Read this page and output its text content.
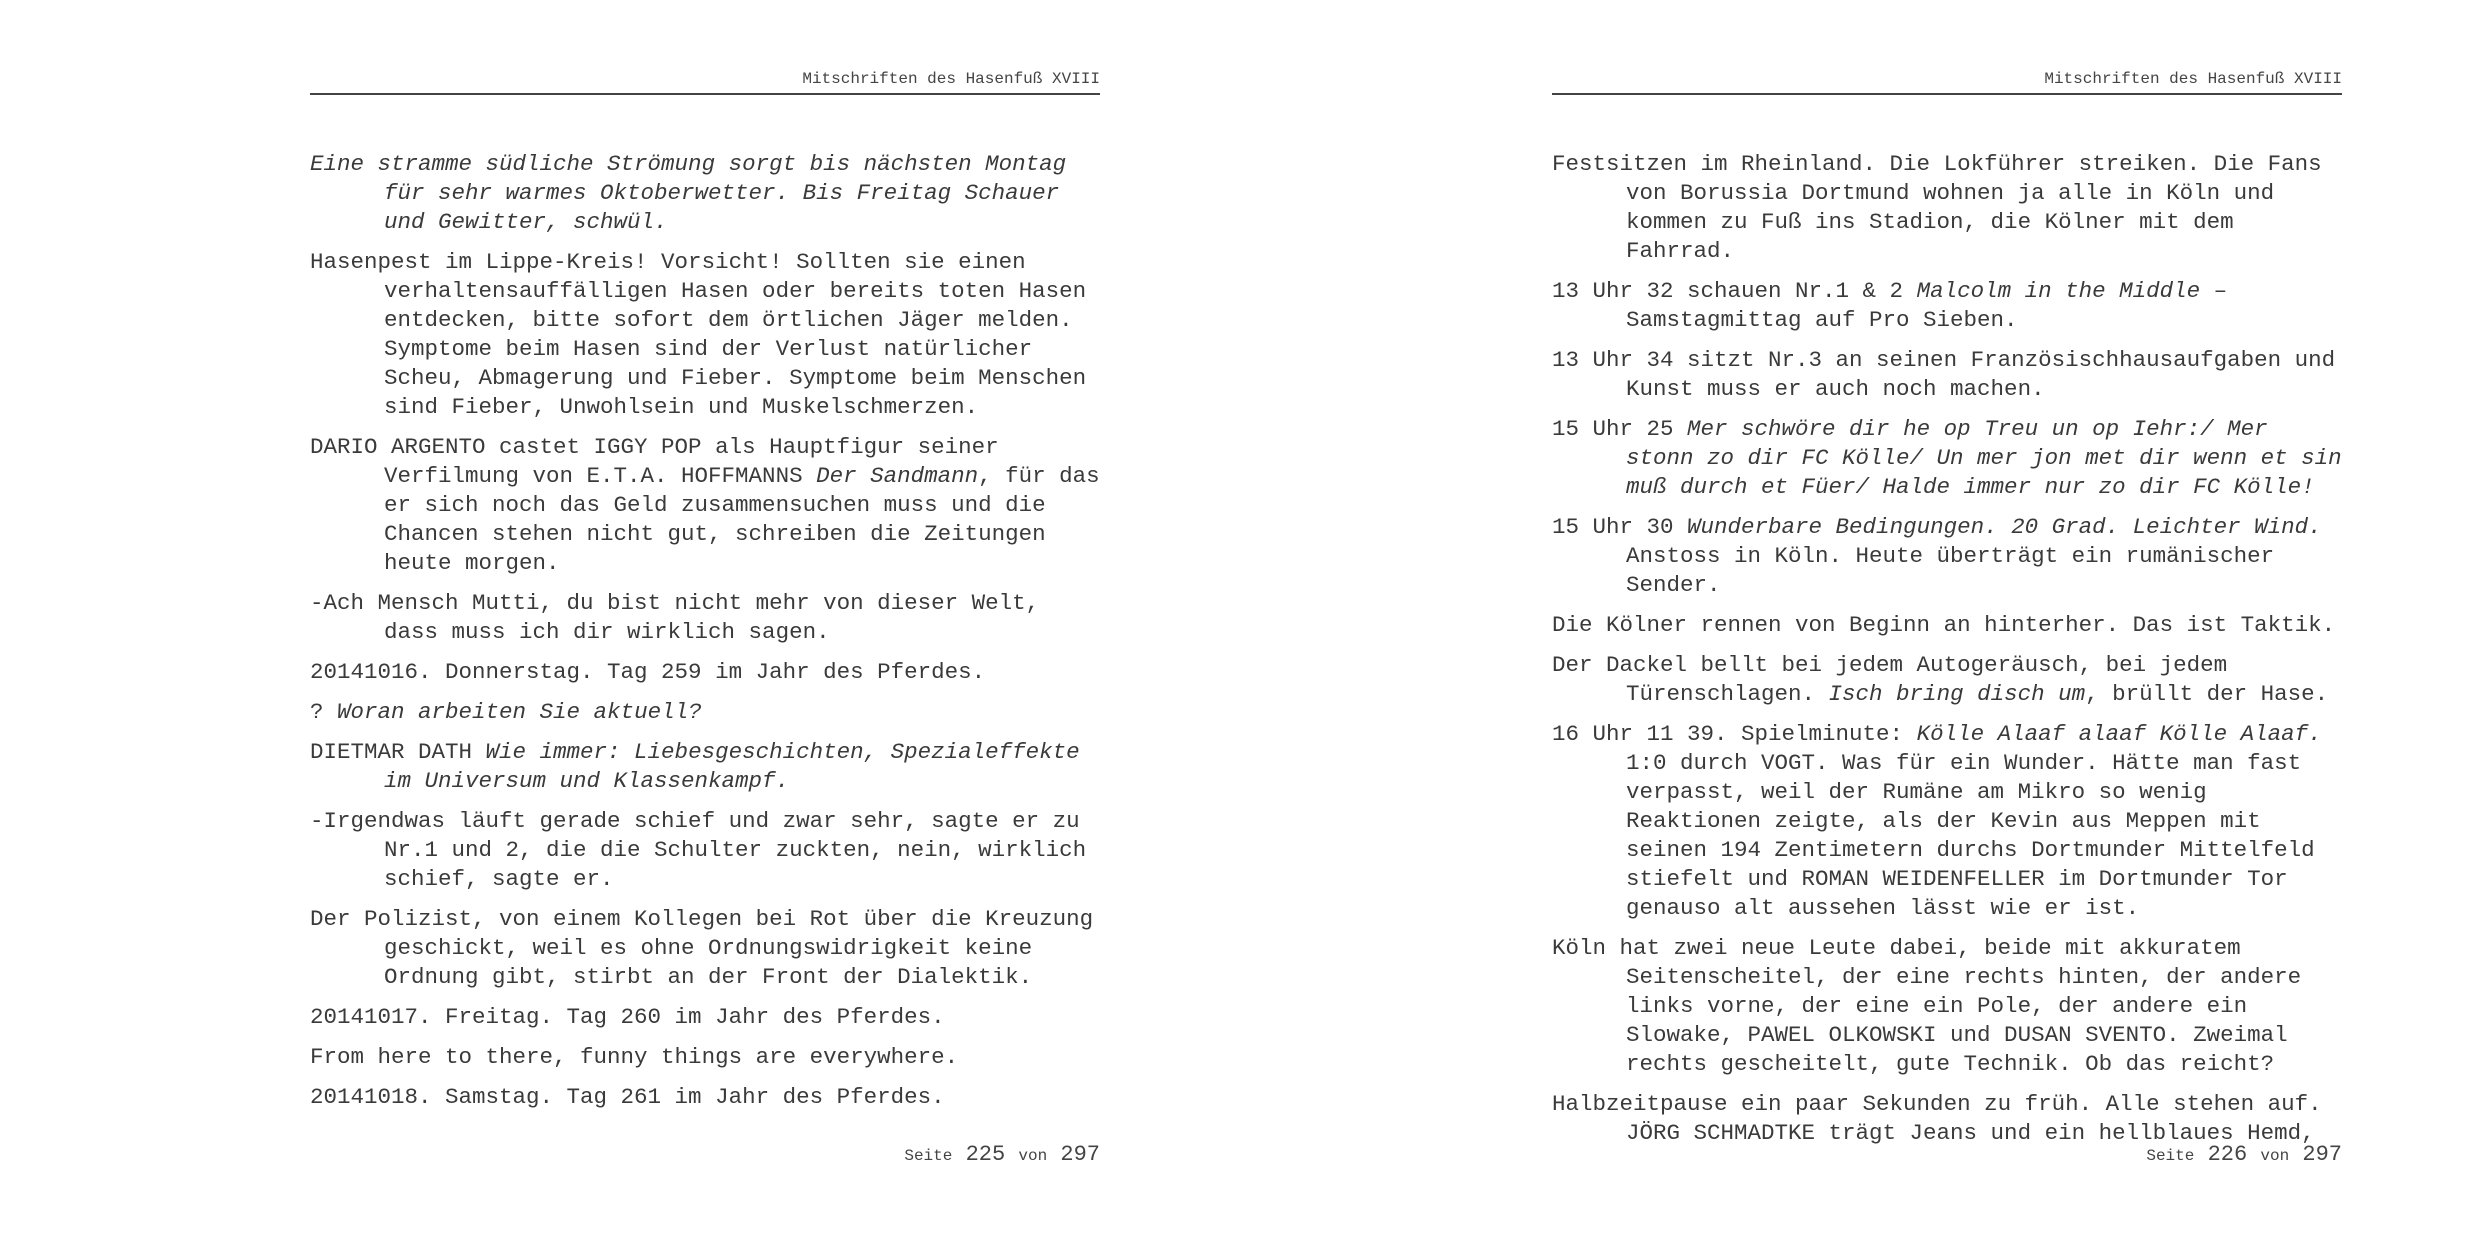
Mitschriften des Hasenfuß XVIII

Eine stramme südliche Strömung sorgt bis nächsten Montag für sehr warmes Oktoberwetter. Bis Freitag Schauer und Gewitter, schwül.

Hasenpest im Lippe-Kreis! Vorsicht! Sollten sie einen verhaltensauffälligen Hasen oder bereits toten Hasen entdecken, bitte sofort dem örtlichen Jäger melden. Symptome beim Hasen sind der Verlust natürlicher Scheu, Abmagerung und Fieber. Symptome beim Menschen sind Fieber, Unwohlsein und Muskelschmerzen.

DARIO ARGENTO castet IGGY POP als Hauptfigur seiner Verfilmung von E.T.A. HOFFMANNS Der Sandmann, für das er sich noch das Geld zusammensuchen muss und die Chancen stehen nicht gut, schreiben die Zeitungen heute morgen.

-Ach Mensch Mutti, du bist nicht mehr von dieser Welt, dass muss ich dir wirklich sagen.

20141016. Donnerstag. Tag 259 im Jahr des Pferdes.

? Woran arbeiten Sie aktuell?

DIETMAR DATH Wie immer: Liebesgeschichten, Spezialeffekte im Universum und Klassenkampf.

-Irgendwas läuft gerade schief und zwar sehr, sagte er zu Nr.1 und 2, die die Schulter zuckten, nein, wirklich schief, sagte er.

Der Polizist, von einem Kollegen bei Rot über die Kreuzung geschickt, weil es ohne Ordnungswidrigkeit keine Ordnung gibt, stirbt an der Front der Dialektik.

20141017. Freitag. Tag 260 im Jahr des Pferdes.

From here to there, funny things are everywhere.

20141018. Samstag. Tag 261 im Jahr des Pferdes.

Seite 225 von 297
Mitschriften des Hasenfuß XVIII

Festsitzen im Rheinland. Die Lokführer streiken. Die Fans von Borussia Dortmund wohnen ja alle in Köln und kommen zu Fuß ins Stadion, die Kölner mit dem Fahrrad.

13 Uhr 32 schauen Nr.1 & 2 Malcolm in the Middle – Samstagmittag auf Pro Sieben.

13 Uhr 34 sitzt Nr.3 an seinen Französischhausaufgaben und Kunst muss er auch noch machen.

15 Uhr 25 Mer schwöre dir he op Treu un op Iehr:/ Mer stonn zo dir FC Kölle/ Un mer jon met dir wenn et sin muß durch et Füer/ Halde immer nur zo dir FC Kölle!

15 Uhr 30 Wunderbare Bedingungen. 20 Grad. Leichter Wind. Anstoss in Köln. Heute überträgt ein rumänischer Sender.

Die Kölner rennen von Beginn an hinterher. Das ist Taktik.

Der Dackel bellt bei jedem Autogeräusch, bei jedem Türenschlagen. Isch bring disch um, brüllt der Hase.

16 Uhr 11 39. Spielminute: Kölle Alaaf alaaf Kölle Alaaf. 1:0 durch VOGT. Was für ein Wunder. Hätte man fast verpasst, weil der Rumäne am Mikro so wenig Reaktionen zeigte, als der Kevin aus Meppen mit seinen 194 Zentimetern durchs Dortmunder Mittelfeld stiefelt und ROMAN WEIDENFELLER im Dortmunder Tor genauso alt aussehen lässt wie er ist.

Köln hat zwei neue Leute dabei, beide mit akkuratem Seitenscheitel, der eine rechts hinten, der andere links vorne, der eine ein Pole, der andere ein Slowake, PAWEL OLKOWSKI und DUSAN SVENTO. Zweimal rechts gescheitelt, gute Technik. Ob das reicht?

Halbzeitpause ein paar Sekunden zu früh. Alle stehen auf. JÖRG SCHMADTKE trägt Jeans und ein hellblaues Hemd,

Seite 226 von 297
